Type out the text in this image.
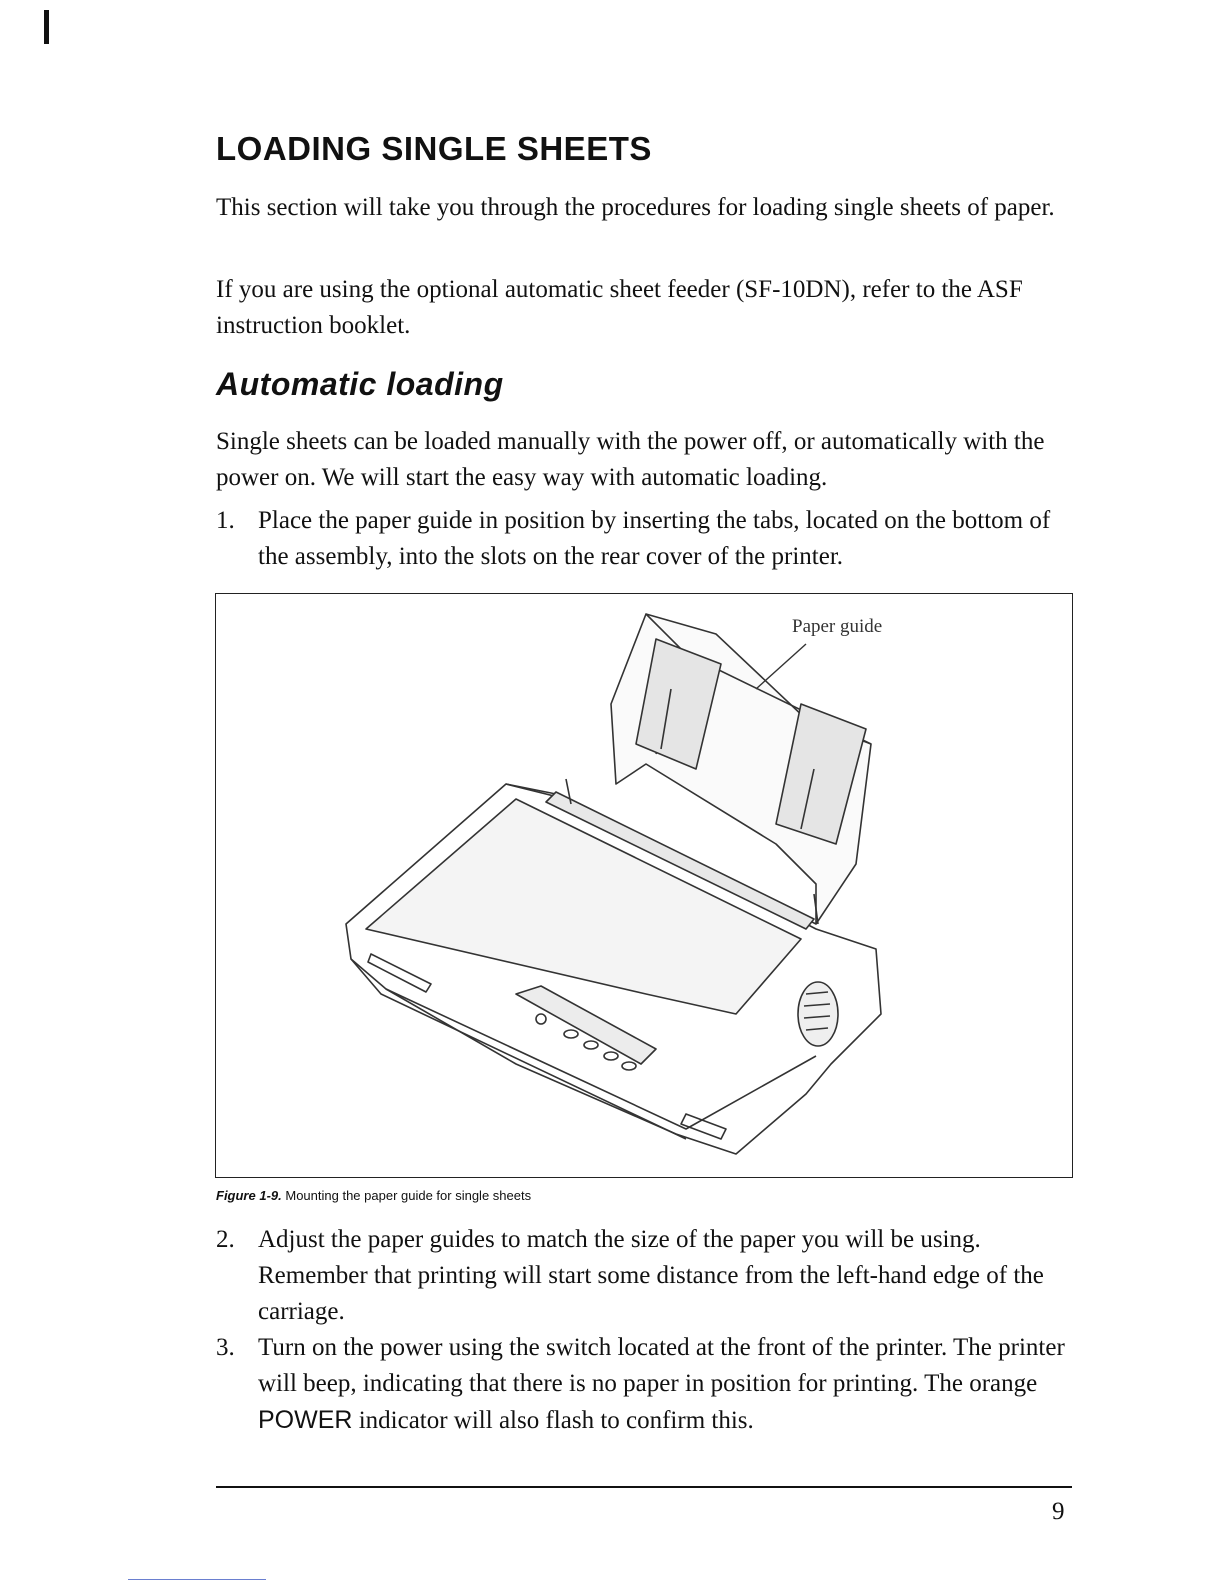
LOADING SINGLE SHEETS

This section will take you through the procedures for loading single sheets of paper.

If you are using the optional automatic sheet feeder (SF-10DN), refer to the ASF instruction booklet.

Automatic loading

Single sheets can be loaded manually with the power off, or automatically with the power on. We will start the easy way with automatic loading.

1. Place the paper guide in position by inserting the tabs, located on the bottom of the assembly, into the slots on the rear cover of the printer.
Paper guide
Figure 1-9. Mounting the paper guide for single sheets
2. Adjust the paper guides to match the size of the paper you will be using. Remember that printing will start some distance from the left-hand edge of the carriage.
3. Turn on the power using the switch located at the front of the printer. The printer will beep, indicating that there is no paper in position for printing. The orange POWER indicator will also flash to confirm this.
9
